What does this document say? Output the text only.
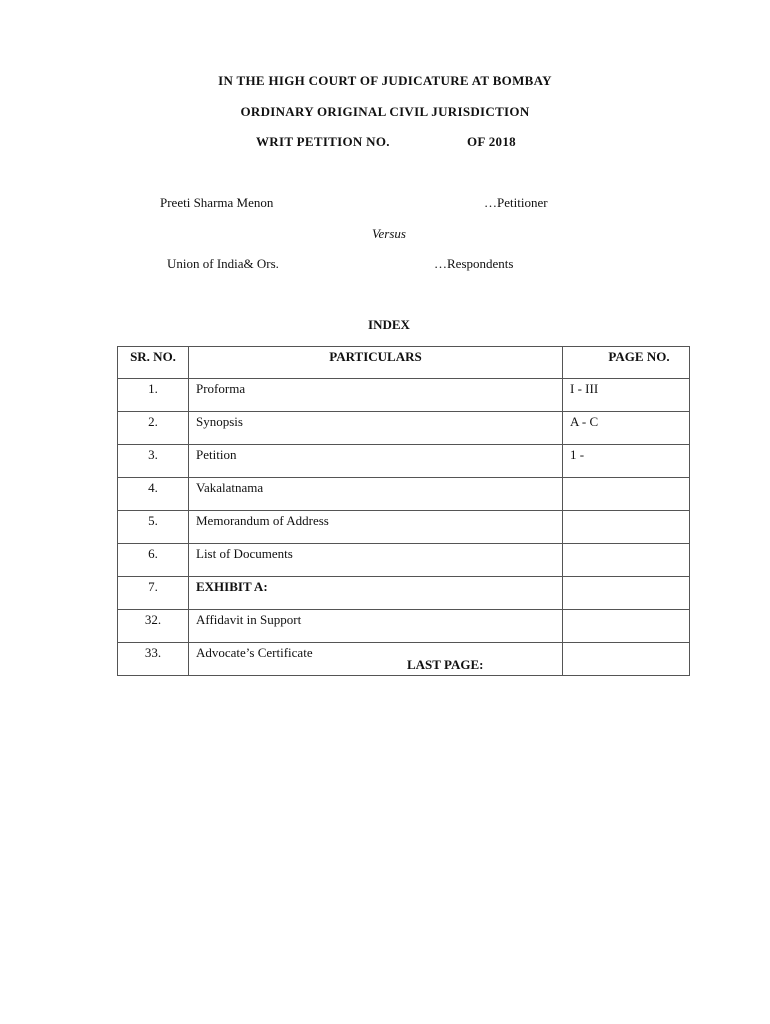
IN THE HIGH COURT OF JUDICATURE AT BOMBAY
ORDINARY ORIGINAL CIVIL JURISDICTION
WRIT PETITION NO.	OF 2018
Preeti Sharma Menon	…Petitioner
Versus
Union of India& Ors.	…Respondents
INDEX
SR. NO.	PARTICULARS	PAGE NO.
1.	Proforma	I - III
2.	Synopsis	A - C
3.	Petition	1 -
4.	Vakalatnama	
5.	Memorandum of Address	
6.	List of Documents	
7.	EXHIBIT A:	
32.	Affidavit in Support	
33.	Advocate’s Certificate	
LAST PAGE:
